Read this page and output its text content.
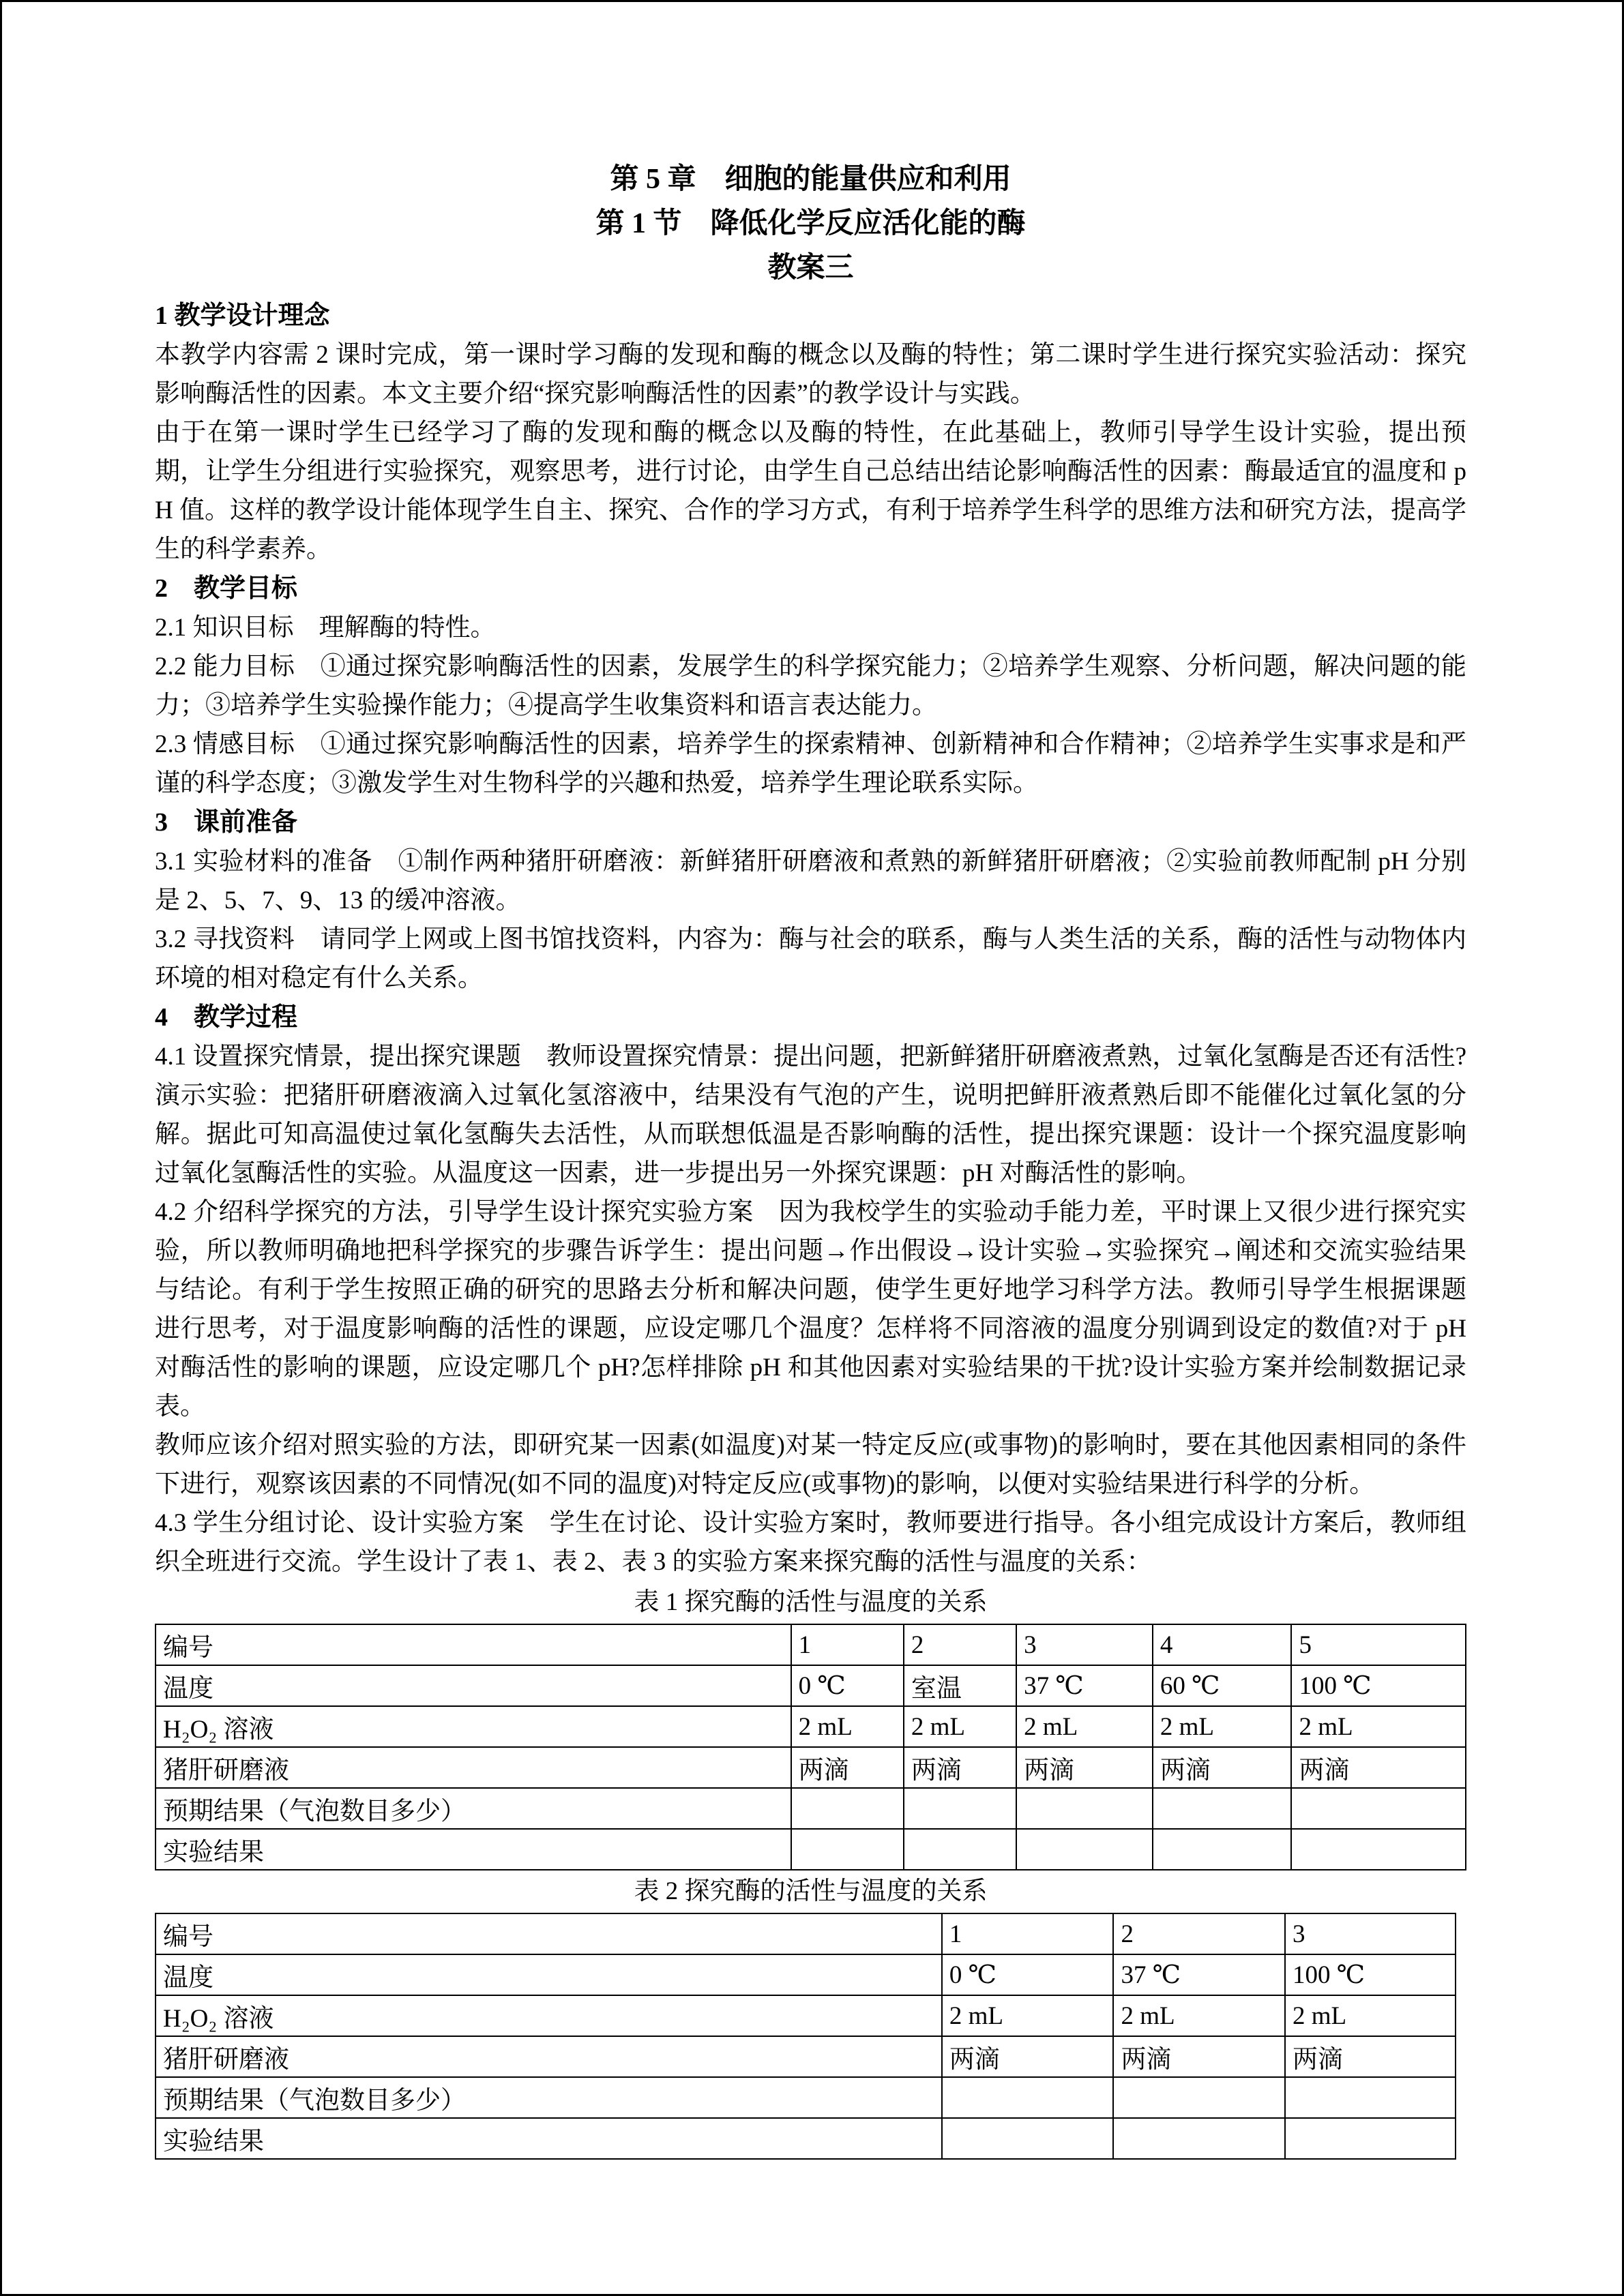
第 5 章　细胞的能量供应和利用
第 1 节　降低化学反应活化能的酶
教案三

1 教学设计理念

本教学内容需 2 课时完成，第一课时学习酶的发现和酶的概念以及酶的特性；第二课时学生进行探究实验活动：探究影响酶活性的因素。本文主要介绍“探究影响酶活性的因素”的教学设计与实践。

由于在第一课时学生已经学习了酶的发现和酶的概念以及酶的特性，在此基础上，教师引导学生设计实验，提出预期，让学生分组进行实验探究，观察思考，进行讨论，由学生自己总结出结论影响酶活性的因素：酶最适宜的温度和 pH 值。这样的教学设计能体现学生自主、探究、合作的学习方式，有利于培养学生科学的思维方法和研究方法，提高学生的科学素养。

2　教学目标

2.1 知识目标　理解酶的特性。

2.2 能力目标　①通过探究影响酶活性的因素，发展学生的科学探究能力；②培养学生观察、分析问题，解决问题的能力；③培养学生实验操作能力；④提高学生收集资料和语言表达能力。

2.3 情感目标　①通过探究影响酶活性的因素，培养学生的探索精神、创新精神和合作精神；②培养学生实事求是和严谨的科学态度；③激发学生对生物科学的兴趣和热爱，培养学生理论联系实际。

3　课前准备

3.1 实验材料的准备　①制作两种猪肝研磨液：新鲜猪肝研磨液和煮熟的新鲜猪肝研磨液；②实验前教师配制 pH 分别是 2、5、7、9、13 的缓冲溶液。

3.2 寻找资料　请同学上网或上图书馆找资料，内容为：酶与社会的联系，酶与人类生活的关系，酶的活性与动物体内环境的相对稳定有什么关系。

4　教学过程

4.1 设置探究情景，提出探究课题　教师设置探究情景：提出问题，把新鲜猪肝研磨液煮熟，过氧化氢酶是否还有活性?演示实验：把猪肝研磨液滴入过氧化氢溶液中，结果没有气泡的产生，说明把鲜肝液煮熟后即不能催化过氧化氢的分解。据此可知高温使过氧化氢酶失去活性，从而联想低温是否影响酶的活性，提出探究课题：设计一个探究温度影响过氧化氢酶活性的实验。从温度这一因素，进一步提出另一外探究课题：pH 对酶活性的影响。

4.2 介绍科学探究的方法，引导学生设计探究实验方案　因为我校学生的实验动手能力差，平时课上又很少进行探究实验，所以教师明确地把科学探究的步骤告诉学生：提出问题→作出假设→设计实验→实验探究→阐述和交流实验结果与结论。有利于学生按照正确的研究的思路去分析和解决问题，使学生更好地学习科学方法。教师引导学生根据课题进行思考，对于温度影响酶的活性的课题，应设定哪几个温度？怎样将不同溶液的温度分别调到设定的数值?对于 pH 对酶活性的影响的课题，应设定哪几个 pH?怎样排除 pH 和其他因素对实验结果的干扰?设计实验方案并绘制数据记录表。

教师应该介绍对照实验的方法，即研究某一因素(如温度)对某一特定反应(或事物)的影响时，要在其他因素相同的条件下进行，观察该因素的不同情况(如不同的温度)对特定反应(或事物)的影响，以便对实验结果进行科学的分析。

4.3 学生分组讨论、设计实验方案　学生在讨论、设计实验方案时，教师要进行指导。各小组完成设计方案后，教师组织全班进行交流。学生设计了表 1、表 2、表 3 的实验方案来探究酶的活性与温度的关系：

表 1 探究酶的活性与温度的关系
编号	1	2	3	4	5
温度	0 ℃	室温	37 ℃	60 ℃	100 ℃
H₂O₂ 溶液	2 mL	2 mL	2 mL	2 mL	2 mL
猪肝研磨液	两滴	两滴	两滴	两滴	两滴
预期结果（气泡数目多少）					
实验结果					
表 2 探究酶的活性与温度的关系
编号	1	2	3
温度	0 ℃	37 ℃	100 ℃
H₂O₂ 溶液	2 mL	2 mL	2 mL
猪肝研磨液	两滴	两滴	两滴
预期结果（气泡数目多少）			
实验结果			
